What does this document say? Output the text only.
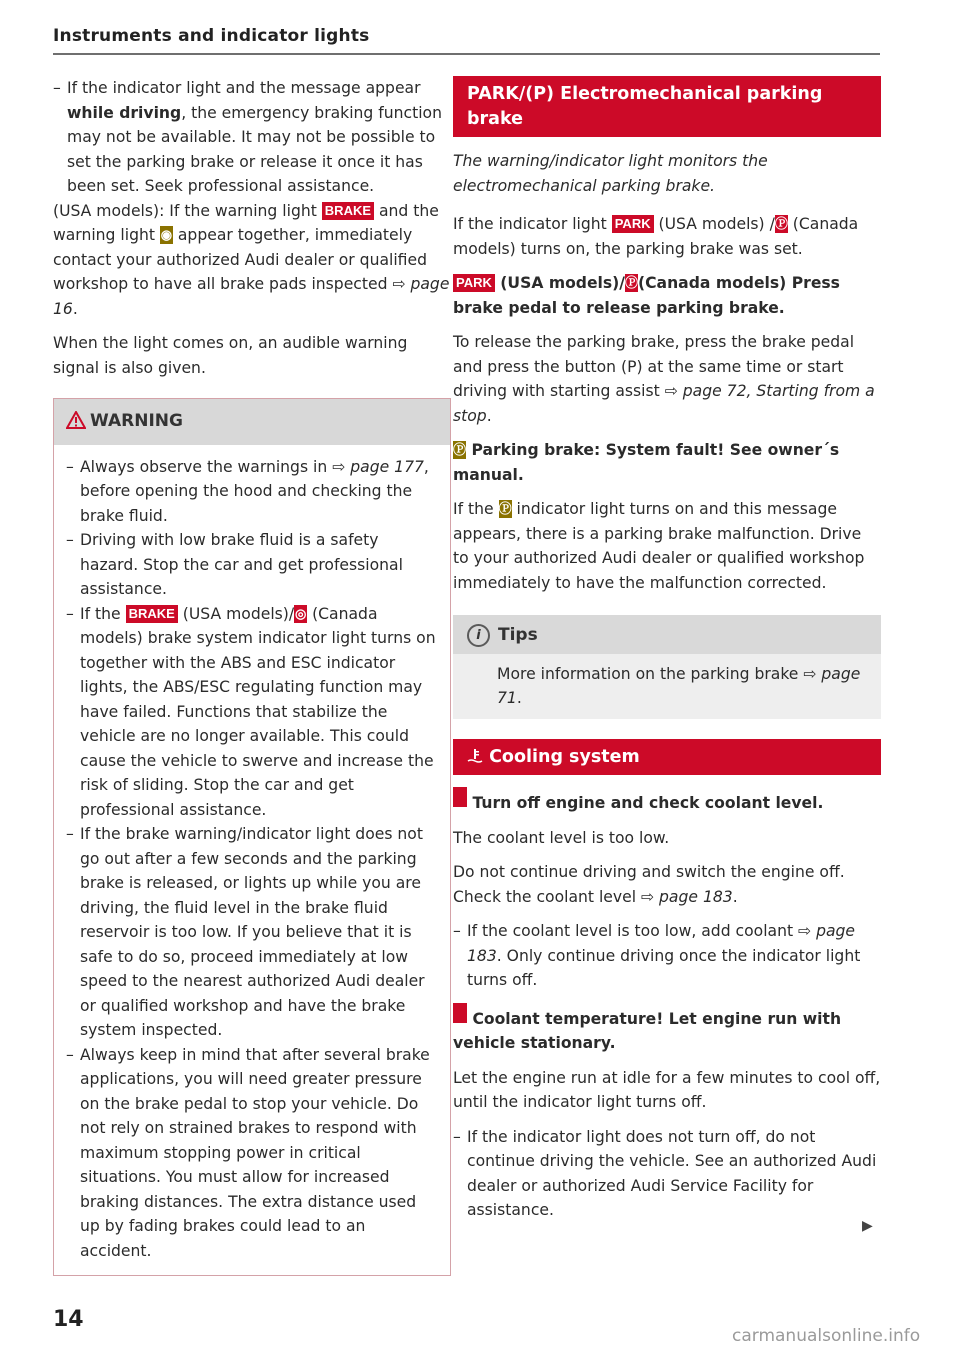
Instruments and indicator lights

– If the indicator light and the message appear while driving, the emergency braking function may not be available. It may not be possible to set the parking brake or release it once it has been set. Seek professional assistance.

(USA models): If the warning light BRAKE and the warning light ◉ appear together, immediately contact your authorized Audi dealer or qualified workshop to have all brake pads inspected ⇨ page 16.

When the light comes on, an audible warning signal is also given.

WARNING

– Always observe the warnings in ⇨ page 177, before opening the hood and checking the brake fluid.

– Driving with low brake fluid is a safety hazard. Stop the car and get professional assistance.

– If the BRAKE (USA models)/◎ (Canada models) brake system indicator light turns on together with the ABS and ESC indicator lights, the ABS/ESC regulating function may have failed. Functions that stabilize the vehicle are no longer available. This could cause the vehicle to swerve and increase the risk of sliding. Stop the car and get professional assistance.

– If the brake warning/indicator light does not go out after a few seconds and the parking brake is released, or lights up while you are driving, the fluid level in the brake fluid reservoir is too low. If you believe that it is safe to do so, proceed immediately at low speed to the nearest authorized Audi dealer or qualified workshop and have the brake system inspected.

– Always keep in mind that after several brake applications, you will need greater pressure on the brake pedal to stop your vehicle. Do not rely on strained brakes to respond with maximum stopping power in critical situations. You must allow for increased braking distances. The extra distance used up by fading brakes could lead to an accident.

PARK/(P) Electromechanical parking brake

The warning/indicator light monitors the electromechanical parking brake.

If the indicator light PARK (USA models) /Ⓟ (Canada models) turns on, the parking brake was set.

PARK (USA models)/Ⓟ(Canada models) Press brake pedal to release parking brake.

To release the parking brake, press the brake pedal and press the button (P) at the same time or start driving with starting assist ⇨ page 72, Starting from a stop.

Ⓟ Parking brake: System fault! See owner´s manual.

If the Ⓟ indicator light turns on and this message appears, there is a parking brake malfunction. Drive to your authorized Audi dealer or qualified workshop immediately to have the malfunction corrected.

i Tips
More information on the parking brake ⇨ page 71.
Cooling system

Turn off engine and check coolant level.

The coolant level is too low.

Do not continue driving and switch the engine off. Check the coolant level ⇨ page 183.

– If the coolant level is too low, add coolant ⇨ page 183. Only continue driving once the indicator light turns off.

Coolant temperature! Let engine run with vehicle stationary.

Let the engine run at idle for a few minutes to cool off, until the indicator light turns off.

– If the indicator light does not turn off, do not continue driving the vehicle. See an authorized Audi dealer or authorized Audi Service Facility for assistance.

▶
14
carmanualsonline.info
